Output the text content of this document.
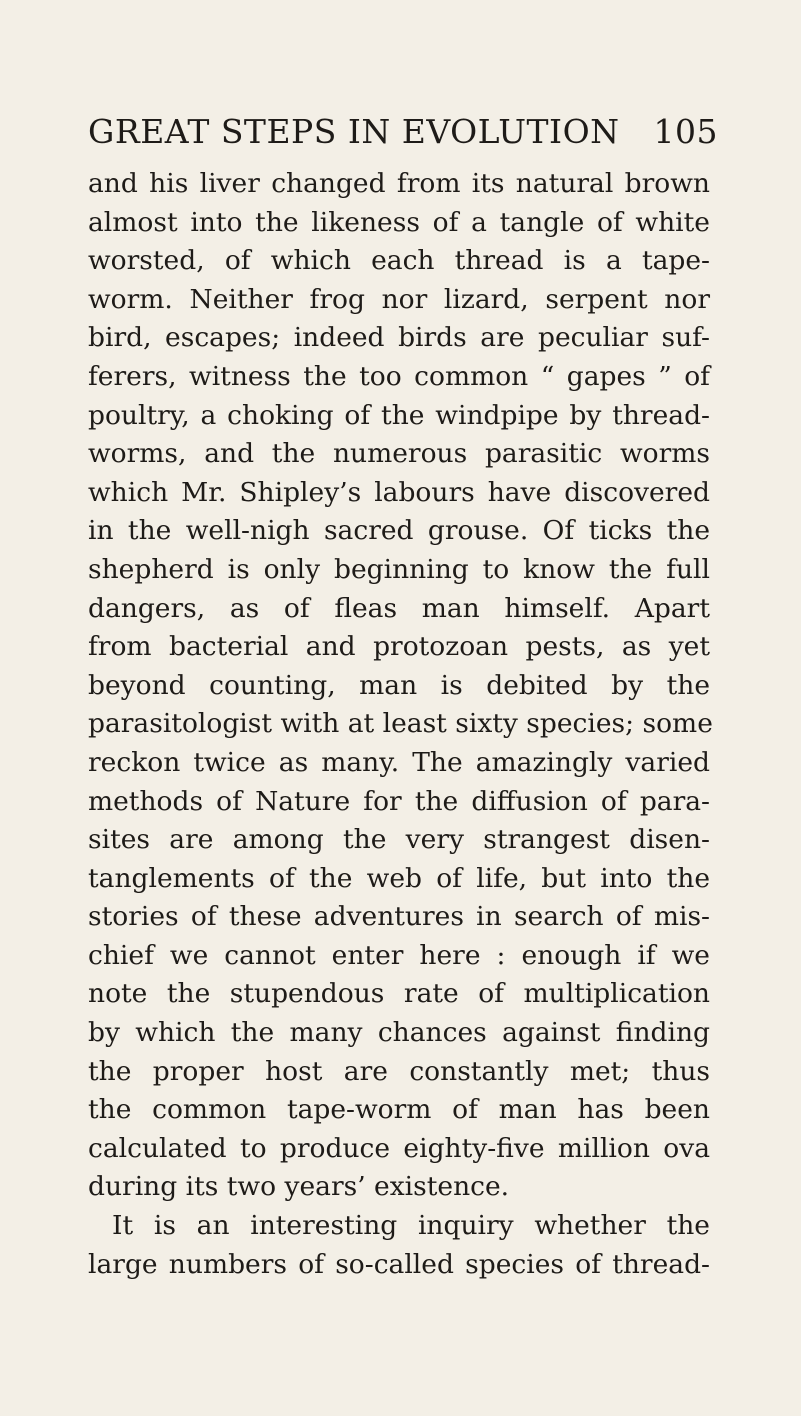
GREAT STEPS IN EVOLUTION 105
and his liver changed from its natural brown
almost into the likeness of a tangle of white
worsted, of which each thread is a tape-
worm. Neither frog nor lizard, serpent nor
bird, escapes; indeed birds are peculiar suf-
ferers, witness the too common “ gapes ” of
poultry, a choking of the windpipe by thread-
worms, and the numerous parasitic worms
which Mr. Shipley’s labours have discovered
in the well-nigh sacred grouse. Of ticks the
shepherd is only beginning to know the full
dangers, as of fleas man himself. Apart
from bacterial and protozoan pests, as yet
beyond counting, man is debited by the
parasitologist with at least sixty species; some
reckon twice as many. The amazingly varied
methods of Nature for the diffusion of para-
sites are among the very strangest disen-
tanglements of the web of life, but into the
stories of these adventures in search of mis-
chief we cannot enter here : enough if we
note the stupendous rate of multiplication
by which the many chances against finding
the proper host are constantly met; thus
the common tape-worm of man has been
calculated to produce eighty-five million ova
during its two years’ existence.
It is an interesting inquiry whether the
large numbers of so-called species of thread-
